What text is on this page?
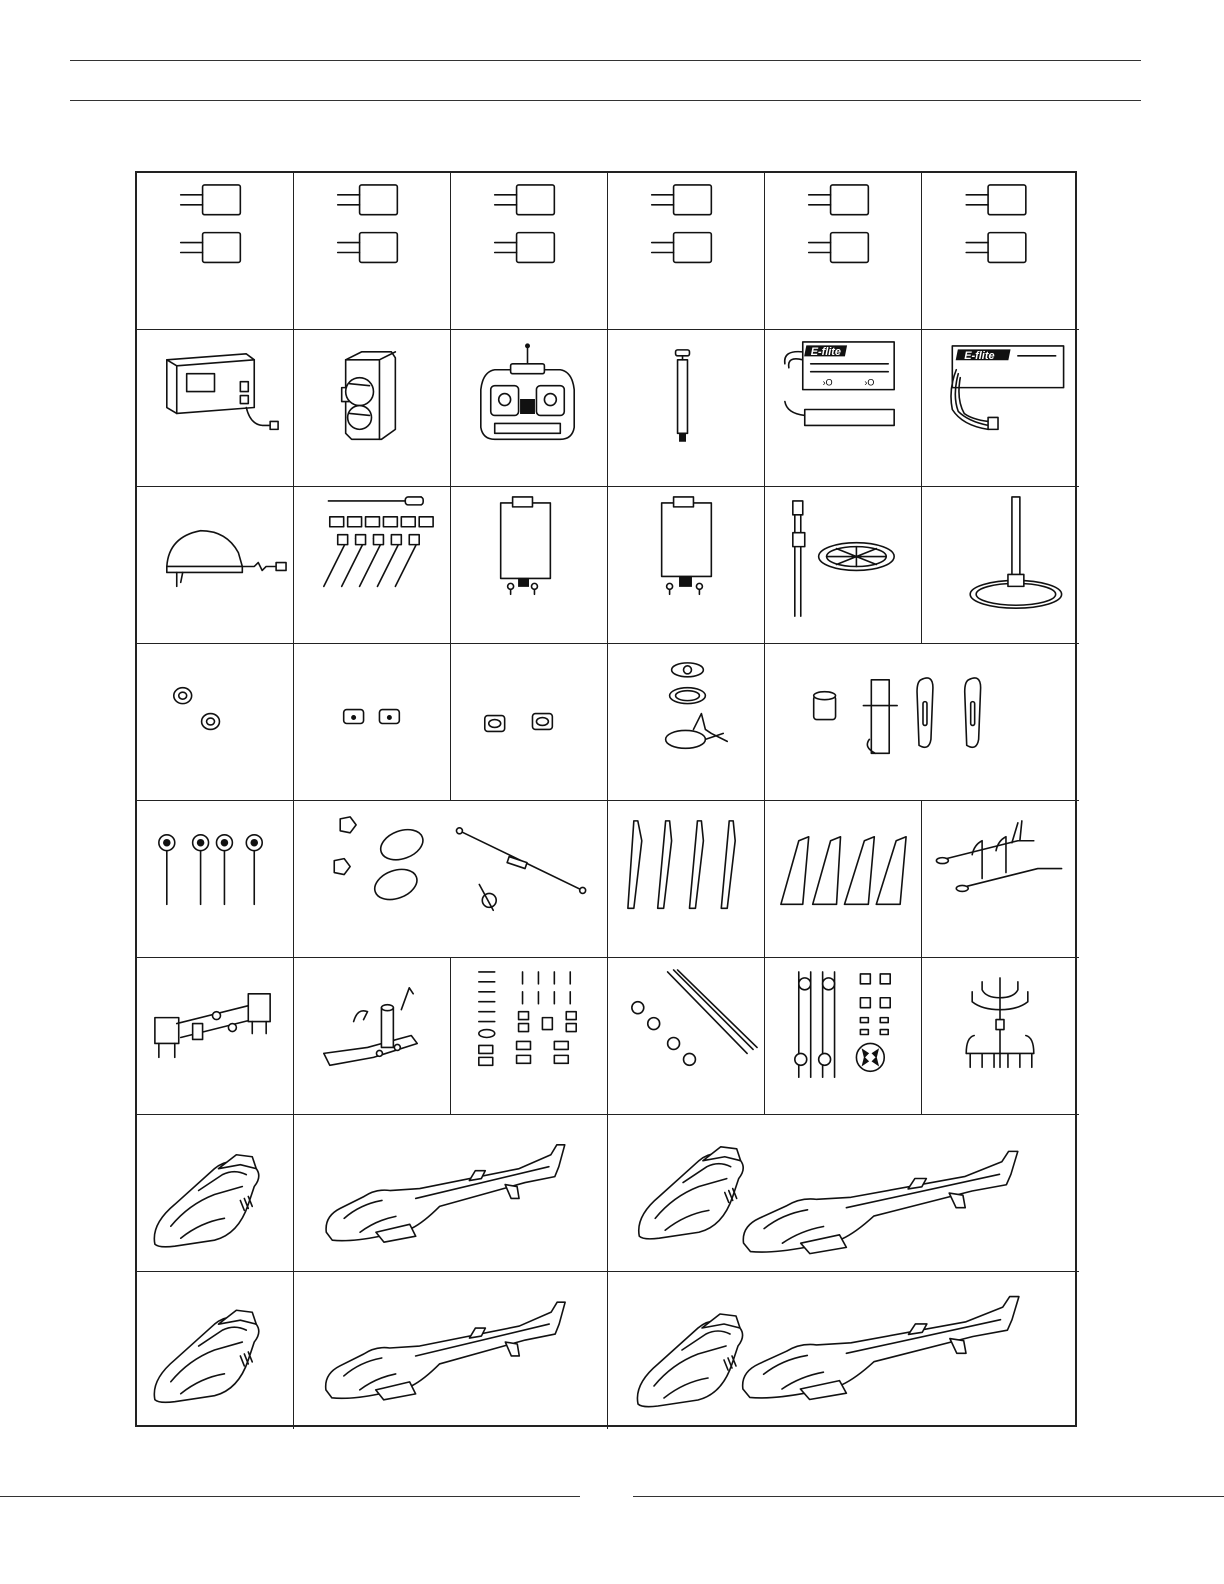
E-flite
›O	›O
E-flite
